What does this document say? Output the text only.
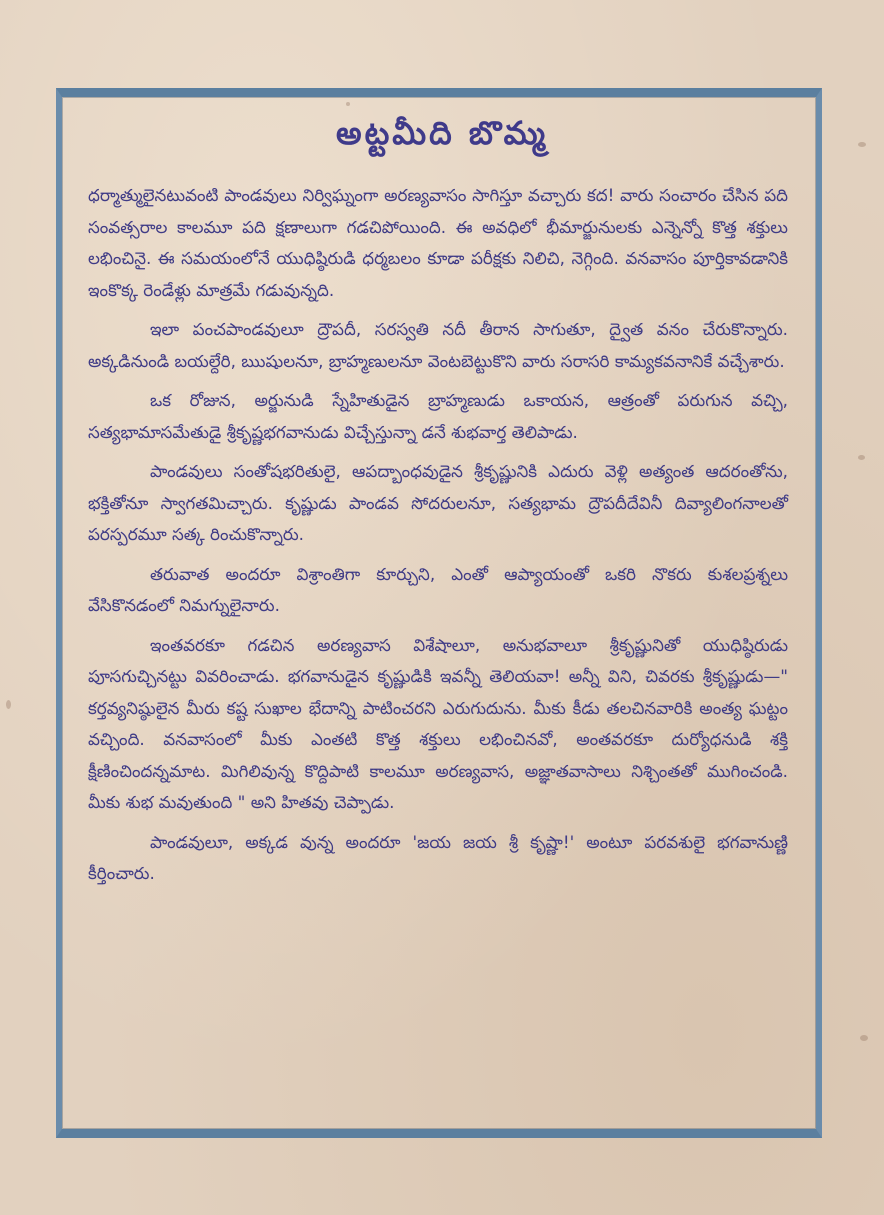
అట్టమీది బొమ్మ

ధర్మాత్ములైనటువంటి పాండవులు నిర్విఘ్నంగా అరణ్యవాసం సాగిస్తూ వచ్చారు కద! వారు సంచారం చేసిన పది సంవత్సరాల కాలమూ పది క్షణాలుగా గడచిపోయింది. ఈ అవధిలో భీమార్జునులకు ఎన్నెన్నో కొత్త శక్తులు లభించినై. ఈ సమయంలోనే యుధిష్ఠిరుడి ధర్మబలం కూడా పరీక్షకు నిలిచి, నెగ్గింది. వనవాసం పూర్తికావడానికి ఇంకొక్క రెండేళ్లు మాత్రమే గడువున్నది.

ఇలా పంచపాండవులూ ద్రౌపదీ, సరస్వతి నదీ తీరాన సాగుతూ, ద్వైత వనం చేరుకొన్నారు. అక్కడినుండి బయల్దేరి, ఋషులనూ, బ్రాహ్మణులనూ వెంటబెట్టుకొని వారు సరాసరి కామ్యకవనానికే వచ్చేశారు.

ఒక రోజున, అర్జునుడి స్నేహితుడైన బ్రాహ్మణుడు ఒకాయన, ఆత్రంతో పరుగున వచ్చి, సత్యభామాసమేతుడై శ్రీకృష్ణభగవానుడు విచ్చేస్తున్నా డనే శుభవార్త తెలిపాడు.

పాండవులు సంతోషభరితులై, ఆపద్బాంధవుడైన శ్రీకృష్ణునికి ఎదురు వెళ్లి అత్యంత ఆదరంతోను, భక్తితోనూ స్వాగతమిచ్చారు. కృష్ణుడు పాండవ సోదరులనూ, సత్యభామ ద్రౌపదీదేవినీ దివ్యాలింగనాలతో పరస్పరమూ సత్క రించుకొన్నారు.

తరువాత అందరూ విశ్రాంతిగా కూర్చుని, ఎంతో ఆప్యాయంతో ఒకరి నొకరు కుశలప్రశ్నలు వేసికొనడంలో నిమగ్నులైనారు.

ఇంతవరకూ గడచిన అరణ్యవాస విశేషాలూ, అనుభవాలూ శ్రీకృష్ణునితో యుధిష్ఠిరుడు పూసగుచ్చినట్టు వివరించాడు. భగవానుడైన కృష్ణుడికి ఇవన్నీ తెలియవా! అన్నీ విని, చివరకు శ్రీకృష్ణుడు—" కర్తవ్యనిష్ఠులైన మీరు కష్ట సుఖాల భేదాన్ని పాటించరని ఎరుగుదును. మీకు కీడు తలచినవారికి అంత్య ఘట్టం వచ్చింది. వనవాసంలో మీకు ఎంతటి కొత్త శక్తులు లభించినవో, అంతవరకూ దుర్యోధనుడి శక్తి క్షీణించిందన్నమాట. మిగిలివున్న కొద్దిపాటి కాలమూ అరణ్యవాస, అజ్ఞాతవాసాలు నిశ్చింతతో ముగించండి. మీకు శుభ మవుతుంది " అని హితవు చెప్పాడు.

పాండవులూ, అక్కడ వున్న అందరూ 'జయ జయ శ్రీ కృష్ణా!' అంటూ పరవశులై భగవానుణ్ణి కీర్తించారు.
